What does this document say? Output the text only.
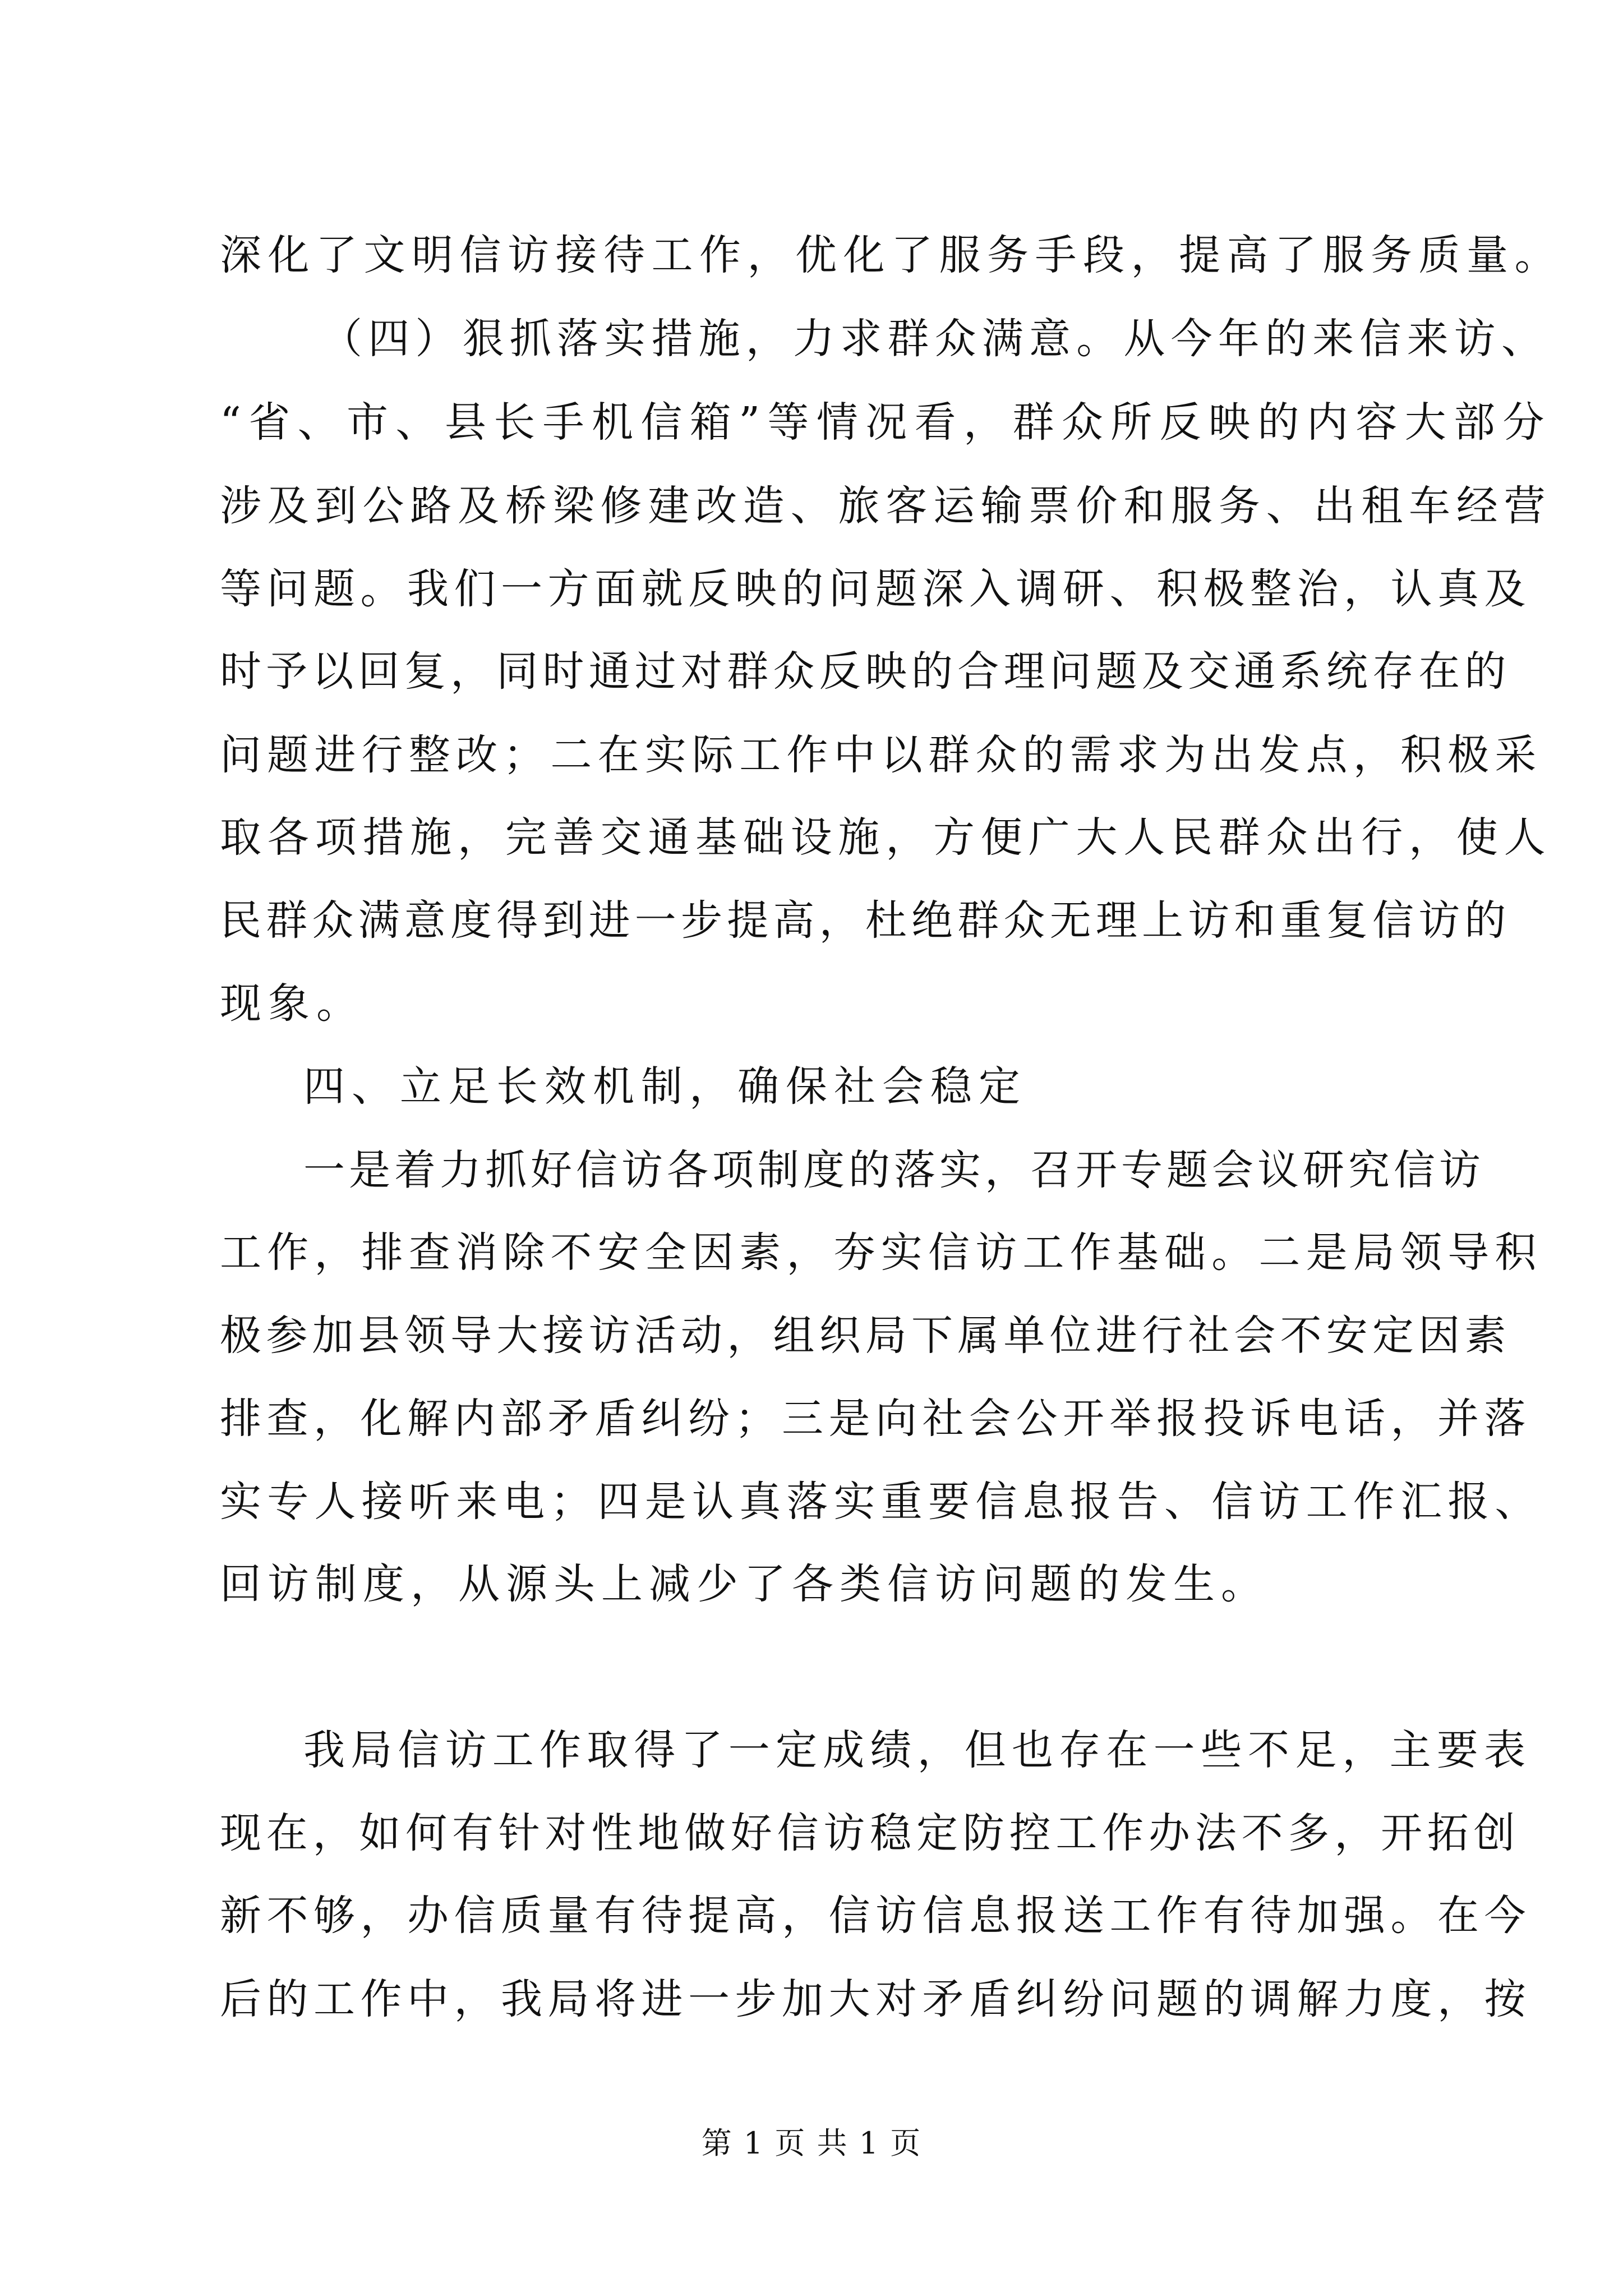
深化了文明信访接待工作，优化了服务手段，提高了服务质量。
（四）狠抓落实措施，力求群众满意。从今年的来信来访、
“省、市、县长手机信箱”等情况看，群众所反映的内容大部分
涉及到公路及桥梁修建改造、旅客运输票价和服务、出租车经营
等问题。我们一方面就反映的问题深入调研、积极整治，认真及
时予以回复，同时通过对群众反映的合理问题及交通系统存在的
问题进行整改；二在实际工作中以群众的需求为出发点，积极采
取各项措施，完善交通基础设施，方便广大人民群众出行，使人
民群众满意度得到进一步提高，杜绝群众无理上访和重复信访的
现象。
四、立足长效机制，确保社会稳定
一是着力抓好信访各项制度的落实，召开专题会议研究信访
工作，排查消除不安全因素，夯实信访工作基础。二是局领导积
极参加县领导大接访活动，组织局下属单位进行社会不安定因素
排查，化解内部矛盾纠纷；三是向社会公开举报投诉电话，并落
实专人接听来电；四是认真落实重要信息报告、信访工作汇报、
回访制度，从源头上减少了各类信访问题的发生。
我局信访工作取得了一定成绩，但也存在一些不足，主要表
现在，如何有针对性地做好信访稳定防控工作办法不多，开拓创
新不够，办信质量有待提高，信访信息报送工作有待加强。在今
后的工作中，我局将进一步加大对矛盾纠纷问题的调解力度，按
第 1 页 共 1 页
